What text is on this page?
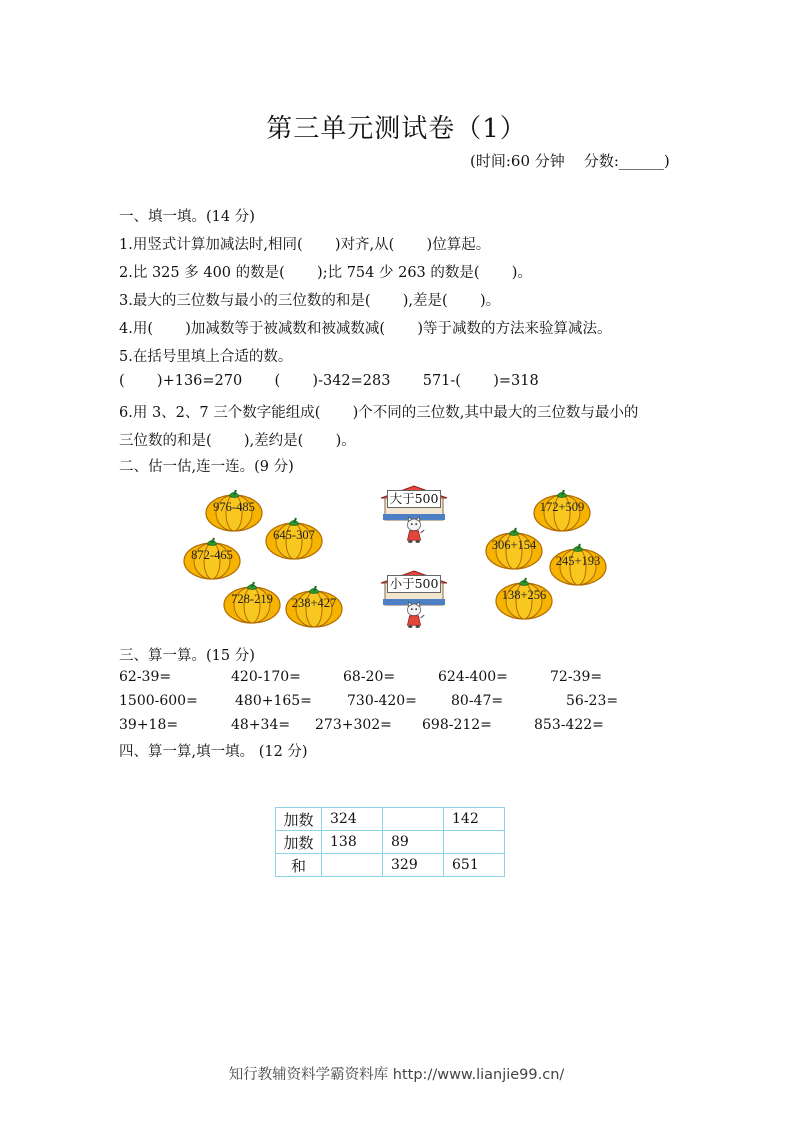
第三单元测试卷（1）
(时间:60 分钟    分数:______)
一、填一填。(14 分)
1.用竖式计算加减法时,相同(       )对齐,从(       )位算起。
2.比 325 多 400 的数是(       );比 754 少 263 的数是(       )。
3.最大的三位数与最小的三位数的和是(       ),差是(       )。
4.用(       )加减数等于被减数和被减数减(       )等于减数的方法来验算减法。
5.在括号里填上合适的数。
(       )+136=270       (       )-342=283       571-(       )=318
6.用 3、2、7 三个数字能组成(       )个不同的三位数,其中最大的三位数与最小的
三位数的和是(       ),差约是(       )。
二、估一估,连一连。(9 分)
大于500
小于500
976-485
645-307
872-465
728-219	238+427
172+509
306+154
245+193
138+256
三、算一算。(15 分)
62-39=	420-170=	68-20=	624-400=	72-39=
1500-600=	480+165=	730-420= 80-47=	56-23=
39+18=	48+34= 273+302= 698-212=	853-422=
四、算一算,填一填。 (12 分)
加数	324		142
加数	138	89	
和		329	651
知行教辅资料学霸资料库 http://www.lianjie99.cn/
